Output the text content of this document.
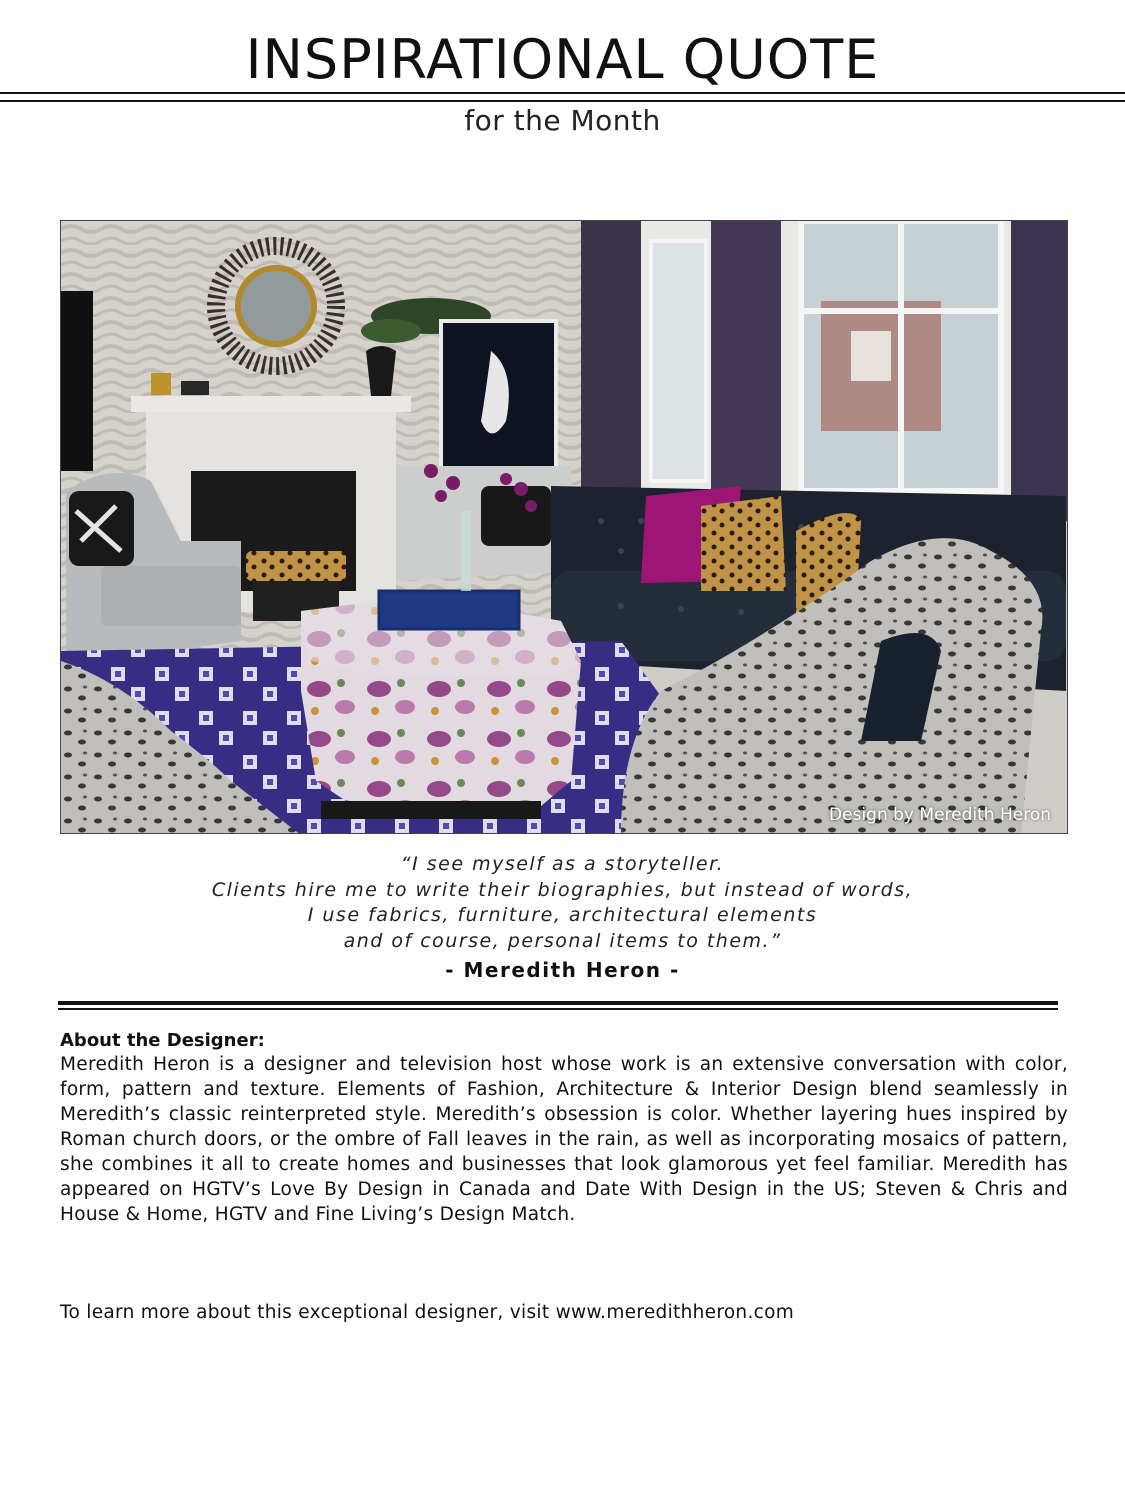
INSPIRATIONAL QUOTE
for the Month
Design by Meredith Heron
“I see myself as a storyteller.
Clients hire me to write their biographies, but instead of words,
I use fabrics, furniture, architectural elements
and of course, personal items to them.”
- Meredith Heron -
About the Designer:
Meredith Heron is a designer and television host whose work is an extensive conversation with color, form, pattern and texture. Elements of Fashion, Architecture & Interior Design blend seamlessly in Meredith’s classic reinterpreted style. Meredith’s obsession is color. Whether layering hues inspired by Roman church doors, or the ombre of Fall leaves in the rain, as well as incorporating mosaics of pattern, she combines it all to create homes and businesses that look glamorous yet feel familiar. Meredith has appeared on HGTV’s Love By Design in Canada and Date With Design in the US; Steven & Chris and House & Home, HGTV and Fine Living’s Design Match.
To learn more about this exceptional designer, visit www.meredithheron.com
